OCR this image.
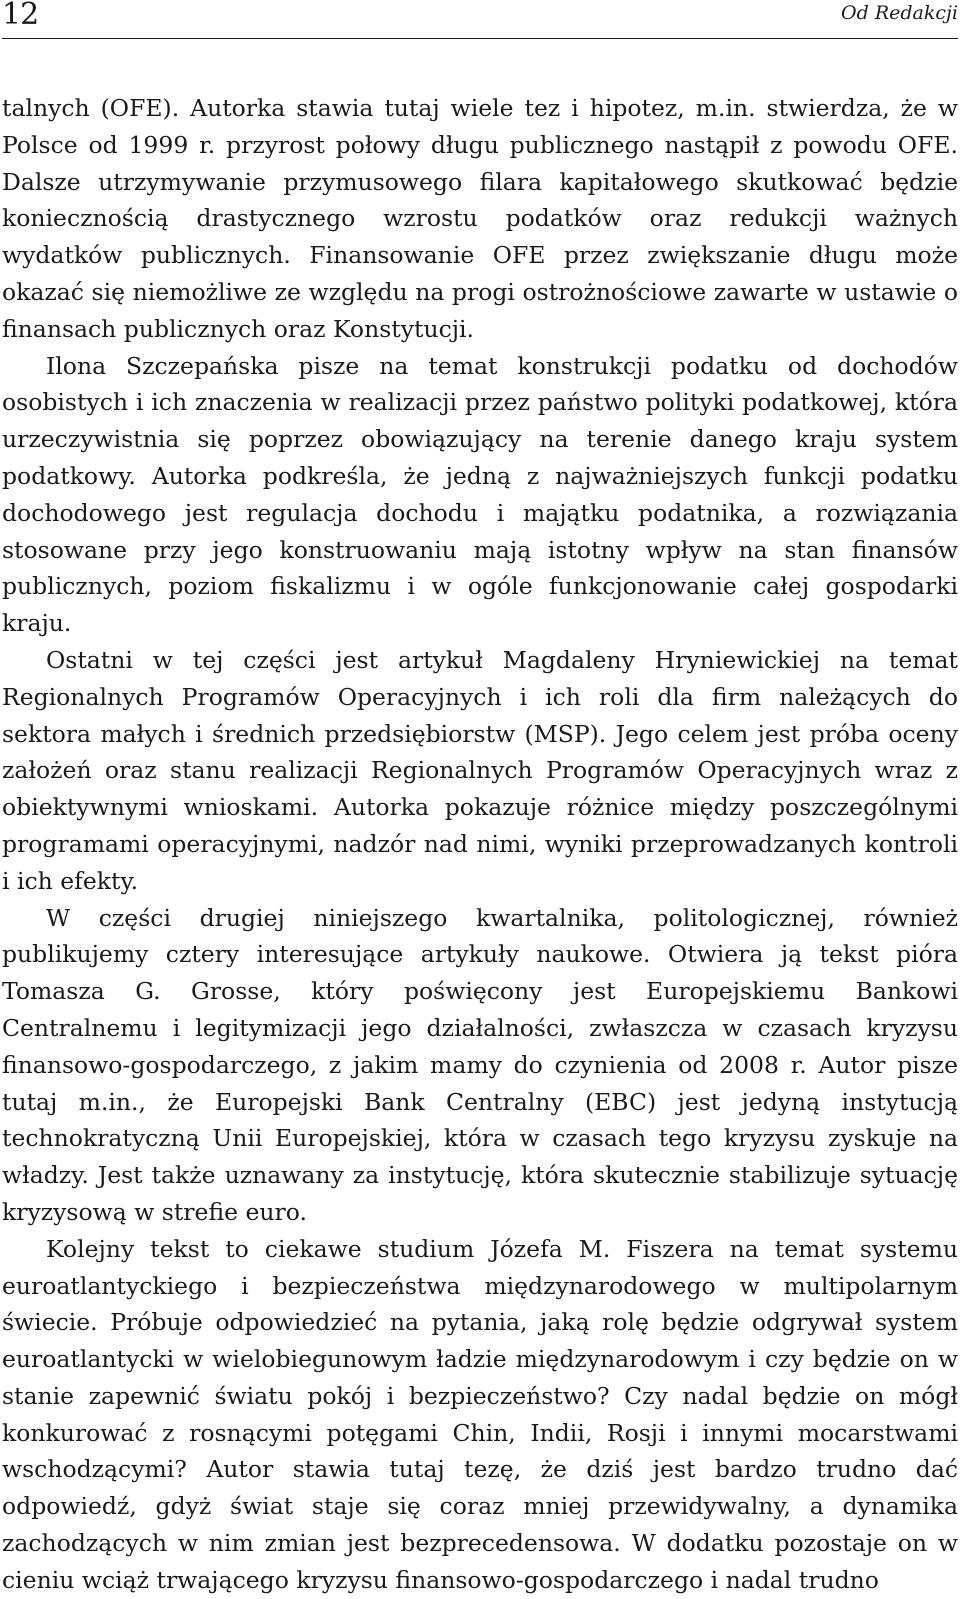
12	Od Redakcji

talnych (OFE). Autorka stawia tutaj wiele tez i hipotez, m.in. stwierdza, że w Polsce od 1999 r. przyrost połowy długu publicznego nastąpił z powodu OFE. Dalsze utrzymywanie przymusowego filara kapitałowego skutkować będzie koniecznością drastycznego wzrostu podatków oraz redukcji ważnych wydatków publicznych. Finansowanie OFE przez zwiększanie długu może okazać się niemożliwe ze względu na progi ostrożnościowe zawarte w ustawie o finansach publicznych oraz Konstytucji.

Ilona Szczepańska pisze na temat konstrukcji podatku od dochodów osobistych i ich znaczenia w realizacji przez państwo polityki podatkowej, która urzeczywistnia się poprzez obowiązujący na terenie danego kraju system podatkowy. Autorka podkreśla, że jedną z najważniejszych funkcji podatku dochodowego jest regulacja dochodu i majątku podatnika, a rozwiązania stosowane przy jego konstruowaniu mają istotny wpływ na stan finansów publicznych, poziom fiskalizmu i w ogóle funkcjonowanie całej gospodarki kraju.

Ostatni w tej części jest artykuł Magdaleny Hryniewickiej na temat Regionalnych Programów Operacyjnych i ich roli dla firm należących do sektora małych i średnich przedsiębiorstw (MSP). Jego celem jest próba oceny założeń oraz stanu realizacji Regionalnych Programów Operacyjnych wraz z obiektywnymi wnioskami. Autorka pokazuje różnice między poszczególnymi programami operacyjnymi, nadzór nad nimi, wyniki przeprowadzanych kontroli i ich efekty.

W części drugiej niniejszego kwartalnika, politologicznej, również publikujemy cztery interesujące artykuły naukowe. Otwiera ją tekst pióra Tomasza G. Grosse, który poświęcony jest Europejskiemu Bankowi Centralnemu i legitymizacji jego działalności, zwłaszcza w czasach kryzysu finansowo-gospodarczego, z jakim mamy do czynienia od 2008 r. Autor pisze tutaj m.in., że Europejski Bank Centralny (EBC) jest jedyną instytucją technokratyczną Unii Europejskiej, która w czasach tego kryzysu zyskuje na władzy. Jest także uznawany za instytucję, która skutecznie stabilizuje sytuację kryzysową w strefie euro.

Kolejny tekst to ciekawe studium Józefa M. Fiszera na temat systemu euroatlantyckiego i bezpieczeństwa międzynarodowego w multipolarnym świecie. Próbuje odpowiedzieć na pytania, jaką rolę będzie odgrywał system euroatlantycki w wielobiegunowym ładzie międzynarodowym i czy będzie on w stanie zapewnić światu pokój i bezpieczeństwo? Czy nadal będzie on mógł konkurować z rosnącymi potęgami Chin, Indii, Rosji i innymi mocarstwami wschodzącymi? Autor stawia tutaj tezę, że dziś jest bardzo trudno dać odpowiedź, gdyż świat staje się coraz mniej przewidywalny, a dynamika zachodzących w nim zmian jest bezprecedensowa. W dodatku pozostaje on w cieniu wciąż trwającego kryzysu finansowo-gospodarczego i nadal trudno
